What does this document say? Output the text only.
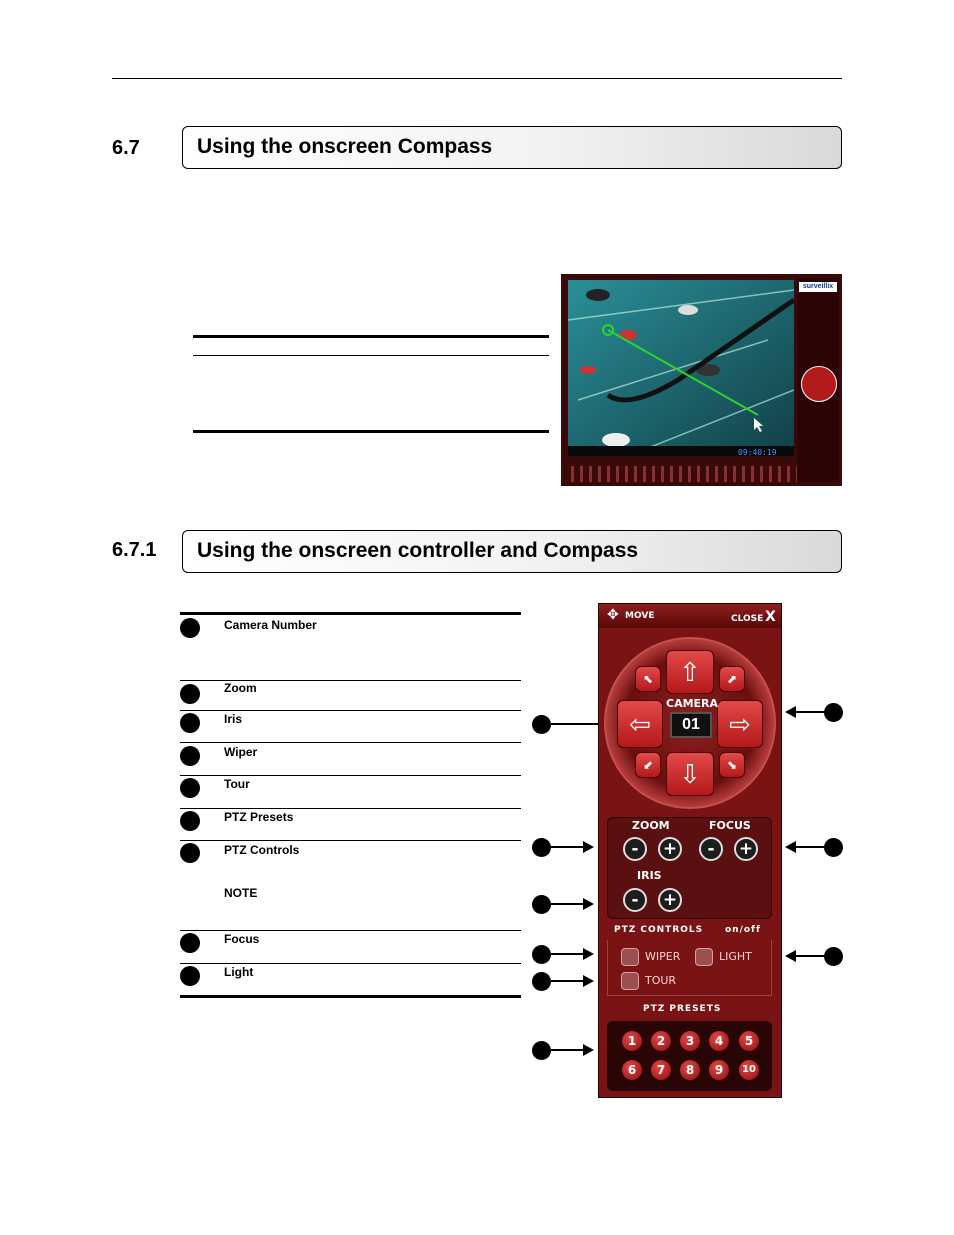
6.7	Using the onscreen Compass
09:40:19
surveillix
6.7.1 Using the onscreen controller and Compass
Camera Number
Zoom
Iris
Wiper
Tour
PTZ Presets
PTZ Controls
NOTE
Focus
Light
✥ MOVE	CLOSE X
⇧
⇩
⇦	⇨
⬉	⬈
⬋	⬊
CAMERA
01
ZOOM	FOCUS
-	+	-	+
IRIS
-	+
PTZ CONTROLS on/off
WIPER	LIGHT
TOUR
PTZ PRESETS
1	2	3	4	5
6	7	8	9	10
